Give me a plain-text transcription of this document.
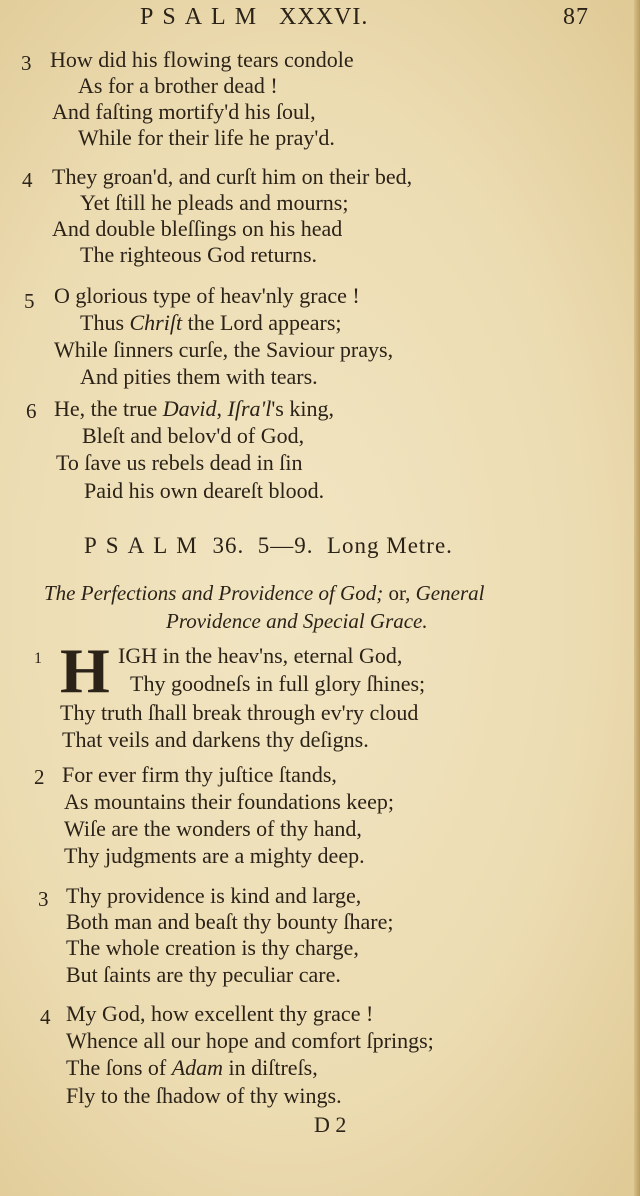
PSALM XXXVI.	87
3 How did his flowing tears condole
As for a brother dead !
And faſting mortify'd his ſoul,
While for their life he pray'd.
4 They groan'd, and curſt him on their bed,
Yet ſtill he pleads and mourns;
And double bleſſings on his head
The righteous God returns.
5 O glorious type of heav'nly grace !
Thus Chriſt the Lord appears;
While ſinners curſe, the Saviour prays,
And pities them with tears.
6 He, the true David, Iſra'l's king,
Bleſt and belov'd of God,
To ſave us rebels dead in ſin
Paid his own deareſt blood.
PSALM 36. 5—9. Long Metre.
The Perfections and Providence of God; or, General
Providence and Special Grace.
1 H IGH in the heav'ns, eternal God,
Thy goodneſs in full glory ſhines;
Thy truth ſhall break through ev'ry cloud
That veils and darkens thy deſigns.
2 For ever firm thy juſtice ſtands,
As mountains their foundations keep;
Wiſe are the wonders of thy hand,
Thy judgments are a mighty deep.
3 Thy providence is kind and large,
Both man and beaſt thy bounty ſhare;
The whole creation is thy charge,
But ſaints are thy peculiar care.
4 My God, how excellent thy grace !
Whence all our hope and comfort ſprings;
The ſons of Adam in diſtreſs,
Fly to the ſhadow of thy wings.
D 2
